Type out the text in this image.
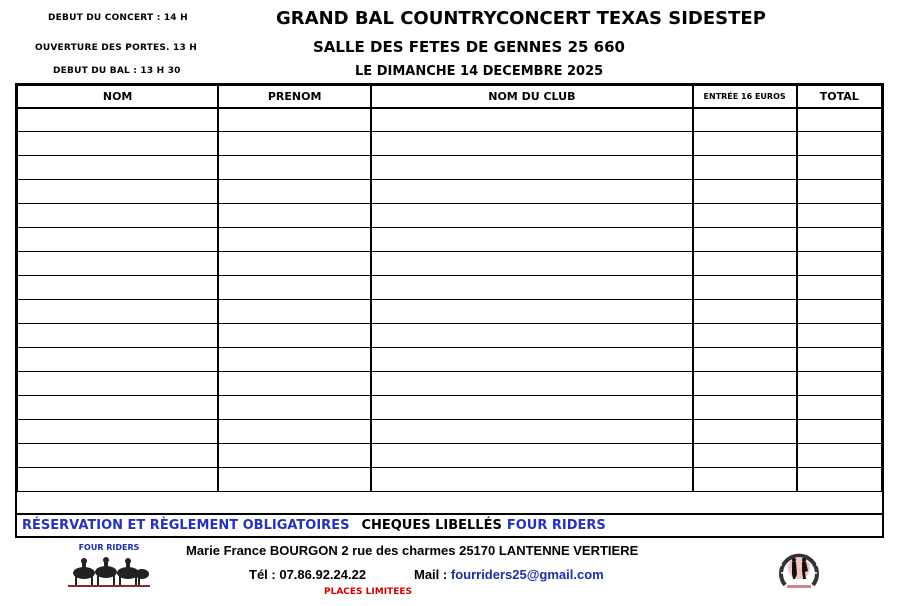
DEBUT DU CONCERT : 14 H
OUVERTURE DES PORTES. 13 H
DEBUT DU BAL : 13 H 30
GRAND BAL COUNTRYCONCERT TEXAS SIDESTEP
SALLE DES FETES DE GENNES 25 660
LE DIMANCHE 14 DECEMBRE 2025
NOM	PRENOM	NOM DU CLUB	ENTRÉE 16 EUROS	TOTAL

RÉSERVATION ET RÈGLEMENT OBLIGATOIRES CHEQUES LIBELLÉS FOUR RIDERS
FOUR RIDERS	Marie France BOURGON 2 rue des charmes 25170 LANTENNE VERTIERE
Tél : 07.86.92.24.22	Mail : fourriders25@gmail.com
PLACES LIMITEES
